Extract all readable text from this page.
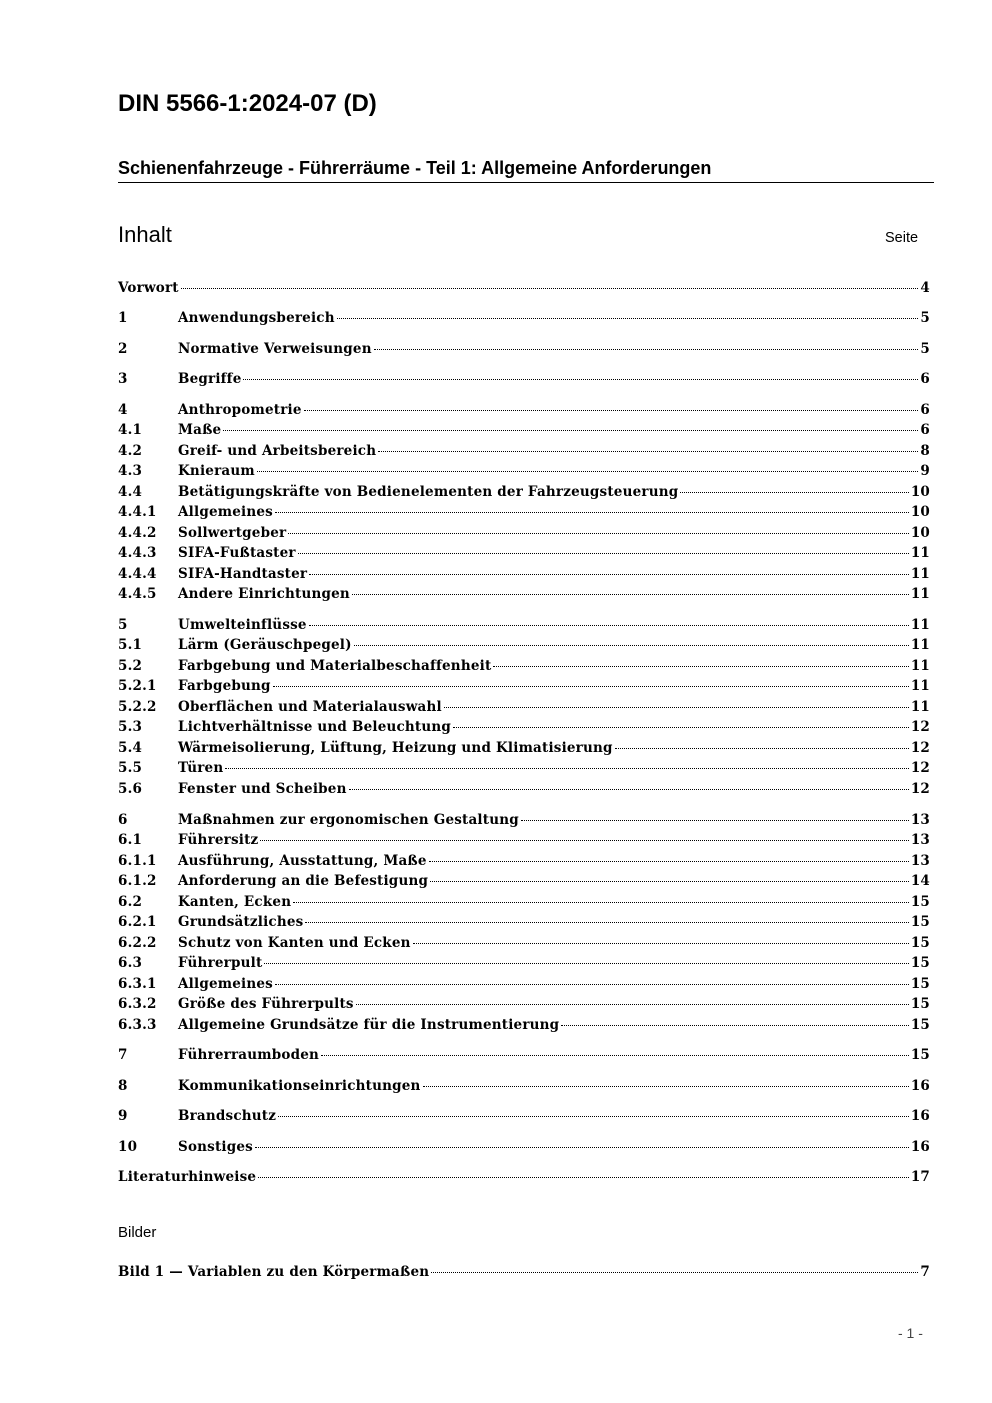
DIN 5566-1:2024-07 (D)
Schienenfahrzeuge - Führerräume - Teil 1: Allgemeine Anforderungen
Inhalt	Seite
Vorwort	4
1	Anwendungsbereich	5
2	Normative Verweisungen	5
3	Begriffe	6
4	Anthropometrie	6
4.1	Maße	6
4.2	Greif- und Arbeitsbereich	8
4.3	Knieraum	9
4.4	Betätigungskräfte von Bedienelementen der Fahrzeugsteuerung	10
4.4.1	Allgemeines	10
4.4.2	Sollwertgeber	10
4.4.3	SIFA-Fußtaster	11
4.4.4	SIFA-Handtaster	11
4.4.5	Andere Einrichtungen	11
5	Umwelteinflüsse	11
5.1	Lärm (Geräuschpegel)	11
5.2	Farbgebung und Materialbeschaffenheit	11
5.2.1	Farbgebung	11
5.2.2	Oberflächen und Materialauswahl	11
5.3	Lichtverhältnisse und Beleuchtung	12
5.4	Wärmeisolierung, Lüftung, Heizung und Klimatisierung	12
5.5	Türen	12
5.6	Fenster und Scheiben	12
6	Maßnahmen zur ergonomischen Gestaltung	13
6.1	Führersitz	13
6.1.1	Ausführung, Ausstattung, Maße	13
6.1.2	Anforderung an die Befestigung	14
6.2	Kanten, Ecken	15
6.2.1	Grundsätzliches	15
6.2.2	Schutz von Kanten und Ecken	15
6.3	Führerpult	15
6.3.1	Allgemeines	15
6.3.2	Größe des Führerpults	15
6.3.3	Allgemeine Grundsätze für die Instrumentierung	15
7	Führerraumboden	15
8	Kommunikationseinrichtungen	16
9	Brandschutz	16
10	Sonstiges	16
Literaturhinweise	17
Bilder
Bild 1 — Variablen zu den Körpermaßen	7
- 1 -
